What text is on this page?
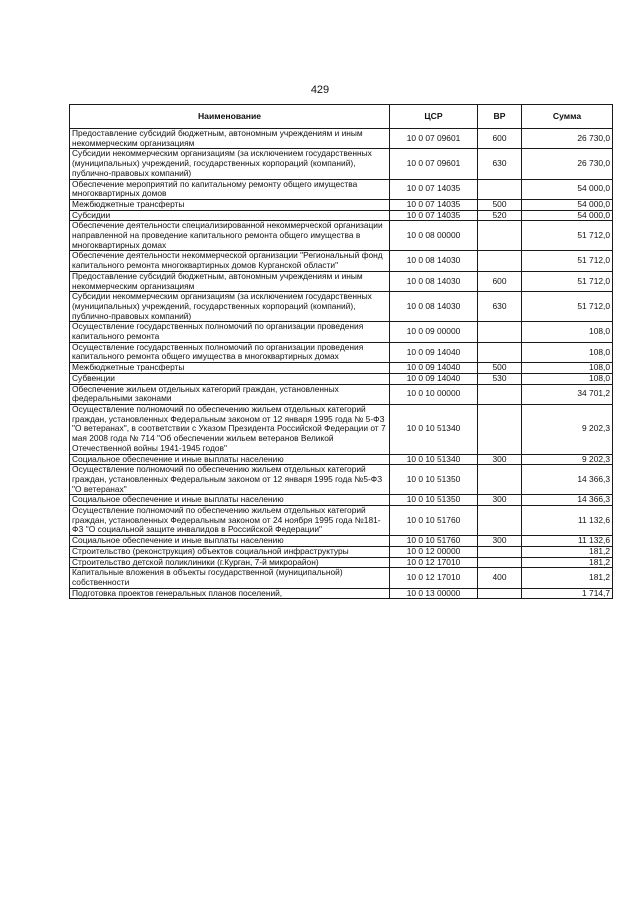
429
Наименование	ЦСР	ВР	Сумма
Предоставление субсидий бюджетным, автономным учреждениям и иным некоммерческим организациям	10 0 07 09601	600	26 730,0
Субсидии некоммерческим организациям (за исключением государственных (муниципальных) учреждений, государственных корпораций (компаний), публично-правовых компаний)	10 0 07 09601	630	26 730,0
Обеспечение мероприятий по капитальному ремонту общего имущества многоквартирных домов	10 0 07 14035		54 000,0
Межбюджетные трансферты	10 0 07 14035	500	54 000,0
Субсидии	10 0 07 14035	520	54 000,0
Обеспечение деятельности специализированной некоммерческой организации направленной на проведение капитального ремонта общего имущества в многоквартирных домах	10 0 08 00000		51 712,0
Обеспечение деятельности некоммерческой организации "Региональный фонд капитального ремонта многоквартирных домов Курганской области"	10 0 08 14030		51 712,0
Предоставление субсидий бюджетным, автономным учреждениям и иным некоммерческим организациям	10 0 08 14030	600	51 712,0
Субсидии некоммерческим организациям (за исключением государственных (муниципальных) учреждений, государственных корпораций (компаний), публично-правовых компаний)	10 0 08 14030	630	51 712,0
Осуществление государственных полномочий по организации проведения капитального ремонта	10 0 09 00000		108,0
Осуществление государственных полномочий по организации проведения капитального ремонта общего имущества в многоквартирных домах	10 0 09 14040		108,0
Межбюджетные трансферты	10 0 09 14040	500	108,0
Субвенции	10 0 09 14040	530	108,0
Обеспечение жильем отдельных категорий граждан, установленных федеральными законами	10 0 10 00000		34 701,2
Осуществление полномочий по обеспечению жильем отдельных категорий граждан, установленных Федеральным законом от 12 января 1995 года № 5-ФЗ "О ветеранах", в соответствии с Указом Президента Российской Федерации от 7 мая 2008 года № 714 "Об обеспечении жильем ветеранов Великой Отечественной войны 1941-1945 годов"	10 0 10 51340		9 202,3
Социальное обеспечение и иные выплаты населению	10 0 10 51340	300	9 202,3
Осуществление полномочий по обеспечению жильем отдельных категорий граждан, установленных Федеральным законом от 12 января 1995 года №5-ФЗ "О ветеранах"	10 0 10 51350		14 366,3
Социальное обеспечение и иные выплаты населению	10 0 10 51350	300	14 366,3
Осуществление полномочий по обеспечению жильем отдельных категорий граждан, установленных Федеральным законом от 24 ноября 1995 года №181-ФЗ "О социальной защите инвалидов в Российской Федерации"	10 0 10 51760		11 132,6
Социальное обеспечение и иные выплаты населению	10 0 10 51760	300	11 132,6
Строительство (реконструкция) объектов социальной инфраструктуры	10 0 12 00000		181,2
Строительство детской поликлиники (г.Курган, 7-й микрорайон)	10 0 12 17010		181,2
Капитальные вложения в объекты государственной (муниципальной) собственности	10 0 12 17010	400	181,2
Подготовка проектов генеральных планов поселений,	10 0 13 00000		1 714,7
